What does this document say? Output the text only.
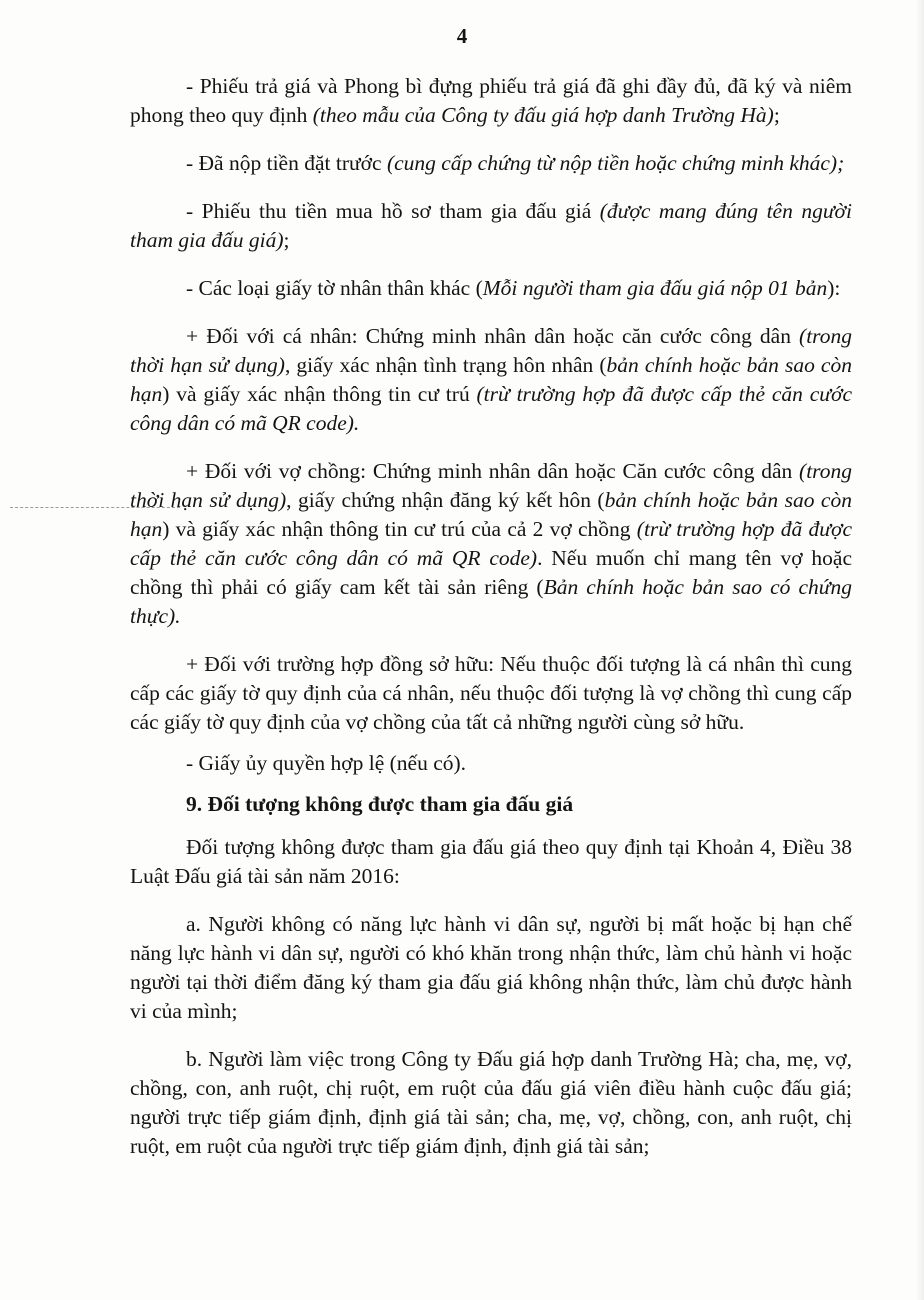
4

- Phiếu trả giá và Phong bì đựng phiếu trả giá đã ghi đầy đủ, đã ký và niêm phong theo quy định (theo mẫu của Công ty đấu giá hợp danh Trường Hà);

- Đã nộp tiền đặt trước (cung cấp chứng từ nộp tiền hoặc chứng minh khác);

- Phiếu thu tiền mua hồ sơ tham gia đấu giá (được mang đúng tên người tham gia đấu giá);

- Các loại giấy tờ nhân thân khác (Mỗi người tham gia đấu giá nộp 01 bản):

+ Đối với cá nhân: Chứng minh nhân dân hoặc căn cước công dân (trong thời hạn sử dụng), giấy xác nhận tình trạng hôn nhân (bản chính hoặc bản sao còn hạn) và giấy xác nhận thông tin cư trú (trừ trường hợp đã được cấp thẻ căn cước công dân có mã QR code).

+ Đối với vợ chồng: Chứng minh nhân dân hoặc Căn cước công dân (trong thời hạn sử dụng), giấy chứng nhận đăng ký kết hôn (bản chính hoặc bản sao còn hạn) và giấy xác nhận thông tin cư trú của cả 2 vợ chồng (trừ trường hợp đã được cấp thẻ căn cước công dân có mã QR code). Nếu muốn chỉ mang tên vợ hoặc chồng thì phải có giấy cam kết tài sản riêng (Bản chính hoặc bản sao có chứng thực).

+ Đối với trường hợp đồng sở hữu: Nếu thuộc đối tượng là cá nhân thì cung cấp các giấy tờ quy định của cá nhân, nếu thuộc đối tượng là vợ chồng thì cung cấp các giấy tờ quy định của vợ chồng của tất cả những người cùng sở hữu.

- Giấy ủy quyền hợp lệ (nếu có).

9. Đối tượng không được tham gia đấu giá

Đối tượng không được tham gia đấu giá theo quy định tại Khoản 4, Điều 38 Luật Đấu giá tài sản năm 2016:

a. Người không có năng lực hành vi dân sự, người bị mất hoặc bị hạn chế năng lực hành vi dân sự, người có khó khăn trong nhận thức, làm chủ hành vi hoặc người tại thời điểm đăng ký tham gia đấu giá không nhận thức, làm chủ được hành vi của mình;

b. Người làm việc trong Công ty Đấu giá hợp danh Trường Hà; cha, mẹ, vợ, chồng, con, anh ruột, chị ruột, em ruột của đấu giá viên điều hành cuộc đấu giá; người trực tiếp giám định, định giá tài sản; cha, mẹ, vợ, chồng, con, anh ruột, chị ruột, em ruột của người trực tiếp giám định, định giá tài sản;
